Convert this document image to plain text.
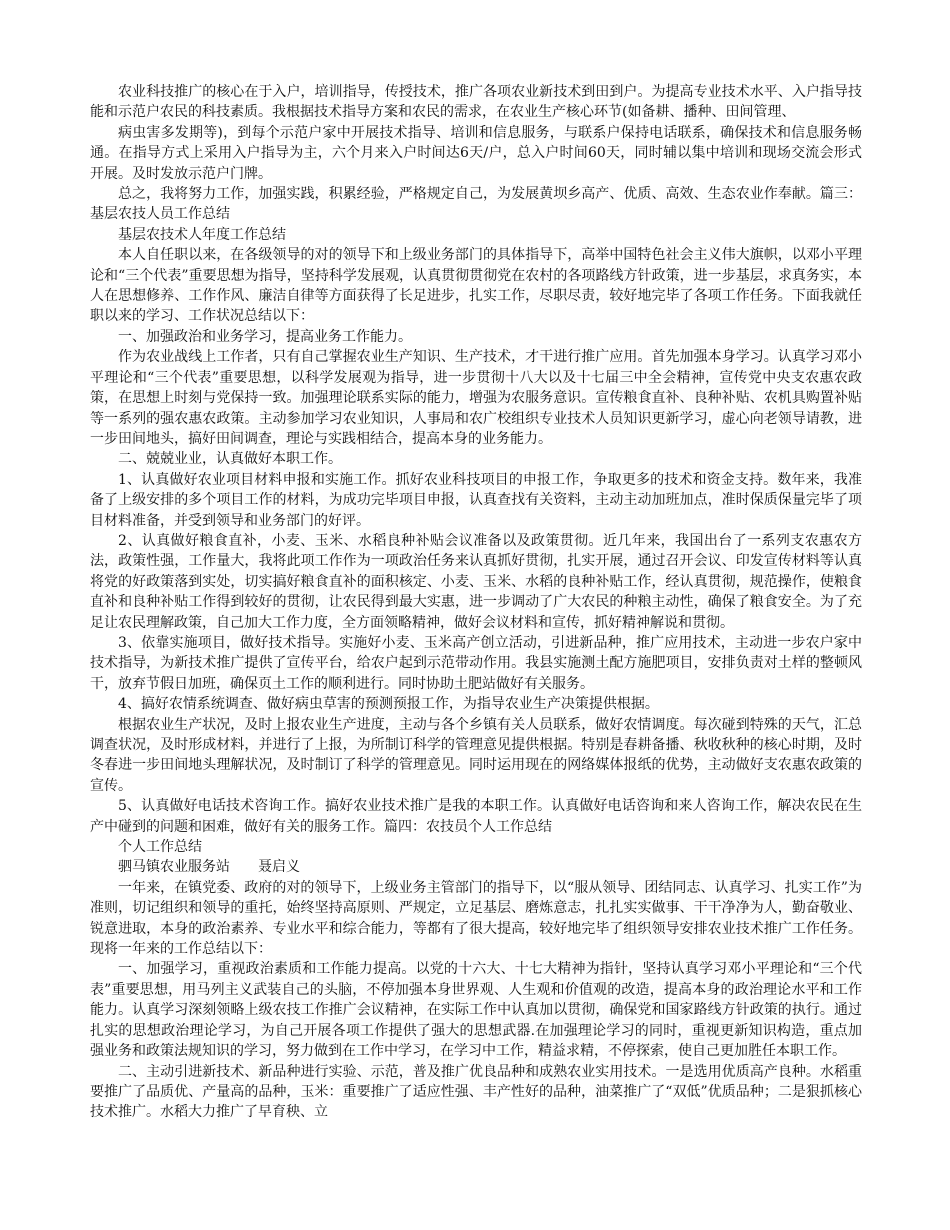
农业科技推广的核心在于入户，培训指导，传授技术，推广各项农业新技术到田到户。为提高专业技术水平、入户指导技能和示范户农民的科技素质。我根据技术指导方案和农民的需求，在农业生产核心环节(如备耕、播种、田间管理、

病虫害多发期等)，到每个示范户家中开展技术指导、培训和信息服务，与联系户保持电话联系，确保技术和信息服务畅通。在指导方式上采用入户指导为主，六个月来入户时间达6天/户，总入户时间60天，同时辅以集中培训和现场交流会形式开展。及时发放示范户门牌。

总之，我将努力工作，加强实践，积累经验，严格规定自己，为发展黄坝乡高产、优质、高效、生态农业作奉献。篇三：基层农技人员工作总结

基层农技术人年度工作总结

本人自任职以来，在各级领导的对的领导下和上级业务部门的具体指导下，高举中国特色社会主义伟大旗帜，以邓小平理论和“三个代表”重要思想为指导，坚持科学发展观，认真贯彻贯彻党在农村的各项路线方针政策，进一步基层，求真务实，本人在思想修养、工作作风、廉洁自律等方面获得了长足进步，扎实工作，尽职尽责，较好地完毕了各项工作任务。下面我就任职以来的学习、工作状况总结以下：

一、加强政治和业务学习，提高业务工作能力。

作为农业战线上工作者，只有自己掌握农业生产知识、生产技术，才干进行推广应用。首先加强本身学习。认真学习邓小平理论和“三个代表”重要思想，以科学发展观为指导，进一步贯彻十八大以及十七届三中全会精神，宣传党中央支农惠农政策，在思想上时刻与党保持一致。加强理论联系实际的能力，增强为农服务意识。宣传粮食直补、良种补贴、农机具购置补贴等一系列的强农惠农政策。主动参加学习农业知识，人事局和农广校组织专业技术人员知识更新学习，虚心向老领导请教，进一步田间地头，搞好田间调查，理论与实践相结合，提高本身的业务能力。

二、兢兢业业，认真做好本职工作。

1、认真做好农业项目材料申报和实施工作。抓好农业科技项目的申报工作，争取更多的技术和资金支持。数年来，我准备了上级安排的多个项目工作的材料，为成功完毕项目申报，认真查找有关资料，主动主动加班加点，准时保质保量完毕了项目材料准备，并受到领导和业务部门的好评。

2、认真做好粮食直补，小麦、玉米、水稻良种补贴会议准备以及政策贯彻。近几年来，我国出台了一系列支农惠农方法，政策性强，工作量大，我将此项工作作为一项政治任务来认真抓好贯彻，扎实开展，通过召开会议、印发宣传材料等认真将党的好政策落到实处，切实搞好粮食直补的面积核定、小麦、玉米、水稻的良种补贴工作，经认真贯彻，规范操作，使粮食直补和良种补贴工作得到较好的贯彻，让农民得到最大实惠，进一步调动了广大农民的种粮主动性，确保了粮食安全。为了充足让农民理解政策，自己加大工作力度，全方面领略精神，做好会议材料和宣传，抓好精神解说和贯彻。

3、依靠实施项目，做好技术指导。实施好小麦、玉米高产创立活动，引进新品种，推广应用技术，主动进一步农户家中技术指导，为新技术推广提供了宣传平台，给农户起到示范带动作用。我县实施测土配方施肥项目，安排负责对土样的整顿风干，放弃节假日加班，确保页土工作的顺利进行。同时协助土肥站做好有关服务。

4、搞好农情系统调查、做好病虫草害的预测预报工作，为指导农业生产决策提供根据。

根据农业生产状况，及时上报农业生产进度，主动与各个乡镇有关人员联系，做好农情调度。每次碰到特殊的天气，汇总调查状况，及时形成材料，并进行了上报，为所制订科学的管理意见提供根据。特别是春耕备播、秋收秋种的核心时期，及时冬春进一步田间地头理解状况，及时制订了科学的管理意见。同时运用现在的网络媒体报纸的优势，主动做好支农惠农政策的宣传。

5、认真做好电话技术咨询工作。搞好农业技术推广是我的本职工作。认真做好电话咨询和来人咨询工作，解决农民在生产中碰到的问题和困难，做好有关的服务工作。篇四：农技员个人工作总结

个人工作总结

驷马镇农业服务站　　聂启义

一年来，在镇党委、政府的对的领导下，上级业务主管部门的指导下，以“服从领导、团结同志、认真学习、扎实工作”为准则，切记组织和领导的重托，始终坚持高原则、严规定，立足基层、磨炼意志，扎扎实实做事、干干净净为人，勤奋敬业、锐意进取，本身的政治素养、专业水平和综合能力，等都有了很大提高，较好地完毕了组织领导安排农业技术推广工作任务。现将一年来的工作总结以下：

一、加强学习，重视政治素质和工作能力提高。以党的十六大、十七大精神为指针，坚持认真学习邓小平理论和“三个代表”重要思想，用马列主义武装自己的头脑，不停加强本身世界观、人生观和价值观的改造，提高本身的政治理论水平和工作能力。认真学习深刻领略上级农技工作推广会议精神，在实际工作中认真加以贯彻，确保党和国家路线方针政策的执行。通过扎实的思想政治理论学习，为自己开展各项工作提供了强大的思想武器.在加强理论学习的同时，重视更新知识构造，重点加强业务和政策法规知识的学习，努力做到在工作中学习，在学习中工作，精益求精，不停探索，使自己更加胜任本职工作。

二、主动引进新技术、新品种进行实验、示范，普及推广优良品种和成熟农业实用技术。一是选用优质高产良种。水稻重要推广了品质优、产量高的品种，玉米：重要推广了适应性强、丰产性好的品种，油菜推广了“双低”优质品种；二是狠抓核心技术推广。水稻大力推广了早育秧、立
